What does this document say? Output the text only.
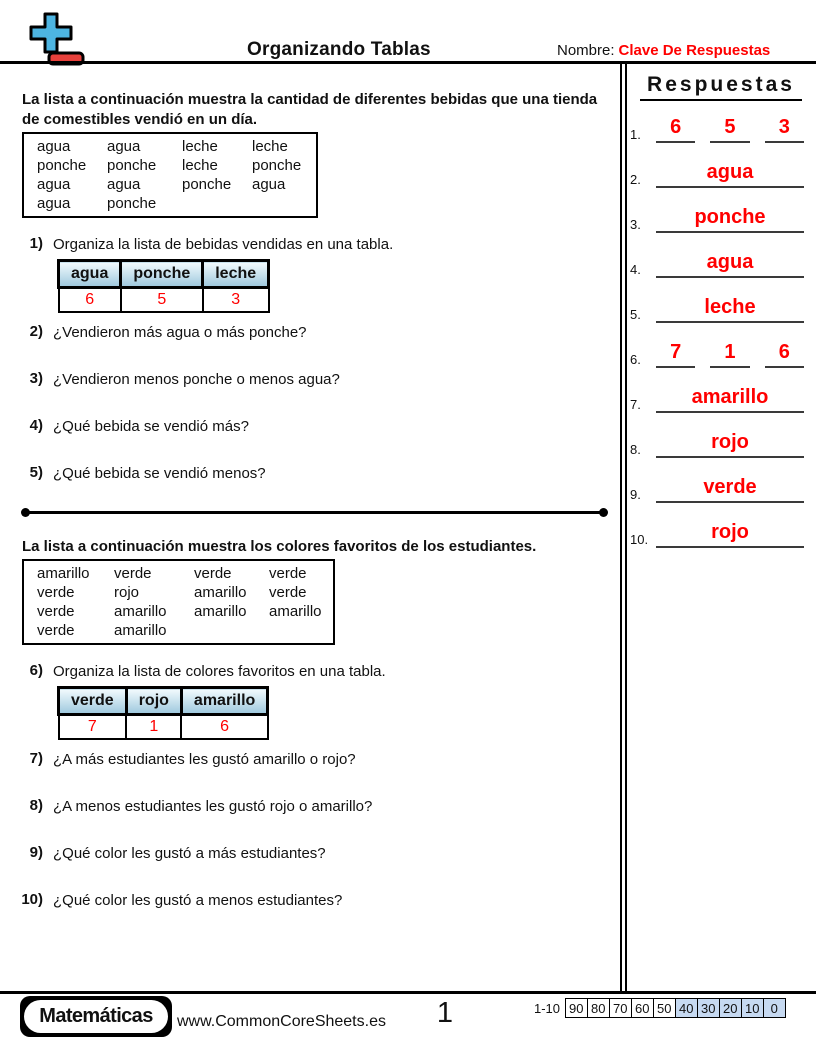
Organizando Tablas	Nombre: Clave De Respuestas
La lista a continuación muestra la cantidad de diferentes bebidas que una tienda de comestibles vendió en un día.
agua	agua	leche	leche
ponche	ponche	leche	ponche
agua	agua	ponche	agua
agua	ponche		
1) Organiza la lista de bebidas vendidas en una tabla.
agua	ponche	leche
6	5	3
2) ¿Vendieron más agua o más ponche?
3) ¿Vendieron menos ponche o menos agua?
4) ¿Qué bebida se vendió más?
5) ¿Qué bebida se vendió menos?
La lista a continuación muestra los colores favoritos de los estudiantes.
amarillo	verde	verde	verde
verde	rojo	amarillo	verde
verde	amarillo	amarillo	amarillo
verde	amarillo		
6) Organiza la lista de colores favoritos en una tabla.
verde	rojo	amarillo
7	1	6
7) ¿A más estudiantes les gustó amarillo o rojo?
8) ¿A menos estudiantes les gustó rojo o amarillo?
9) ¿Qué color les gustó a más estudiantes?
10) ¿Qué color les gustó a menos estudiantes?
Respuestas
1.	6	5	3
2.	agua
3.	ponche
4.	agua
5.	leche
6.	7	1	6
7.	amarillo
8.	rojo
9.	verde
10.	rojo
Matemáticas	www.CommonCoreSheets.es	1	1-10 90 80 70 60 50 40 30 20 10 0
